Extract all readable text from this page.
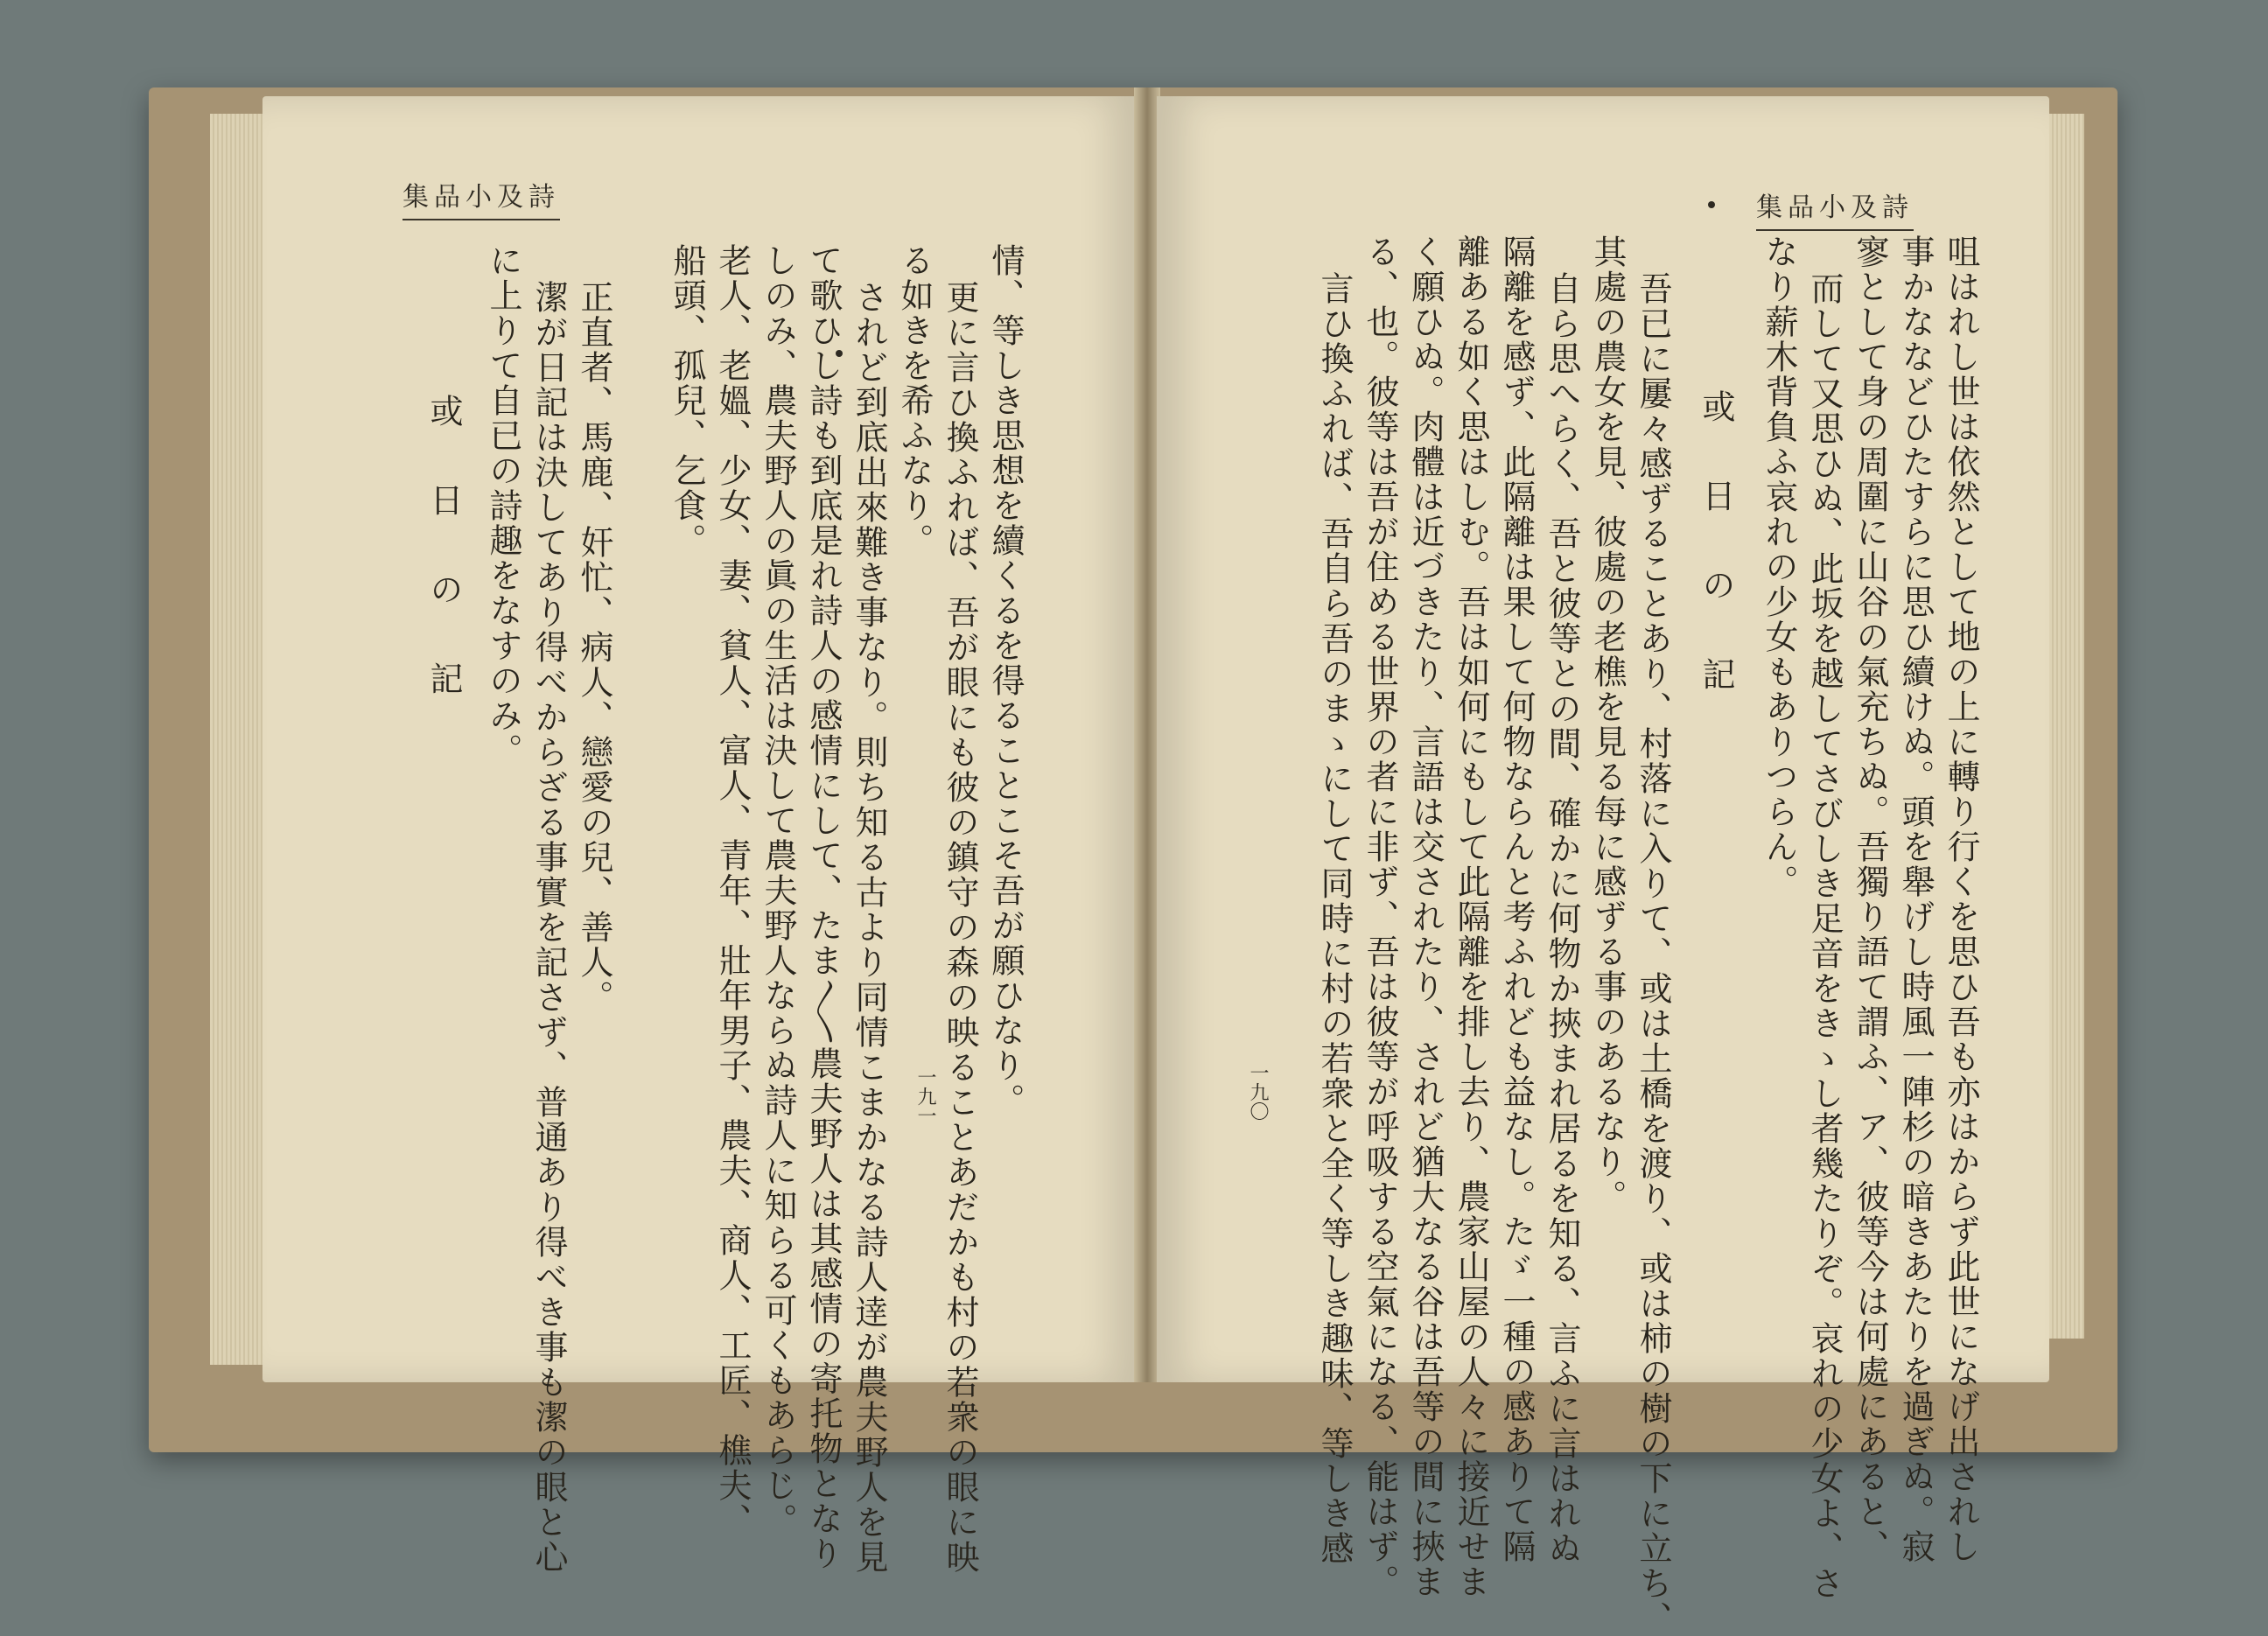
集品小及詩
情、等しき思想を續くるを得ることこそ吾が願ひなり。
更に言ひ換ふれば、吾が眼にも彼の鎮守の森の映ることあだかも村の若衆の眼に映
る如きを希ふなり。
されど到底出來難き事なり。則ち知る古より同情こまかなる詩人逹が農夫野人を見
て歌ひし詩も到底是れ詩人の感情にして、たま〳〵農夫野人は其感情の寄托物となり
しのみ、農夫野人の眞の生活は決して農夫野人ならぬ詩人に知らる可くもあらじ。
老人、老媼、少女、妻、貧人、富人、青年、壯年男子、農夫、商人、工匠、樵夫、
船頭、孤兒、乞食。
正直者、馬鹿、奸忙、病人、戀愛の兒、善人。
潔が日記は決してあり得べからざる事實を記さず、普通あり得べき事も潔の眼と心
に上りて自已の詩趣をなすのみ。
或 日 の 記
一九一
集品小及詩
咀はれし世は依然として地の上に轉り行くを思ひ吾も亦はからず此世になげ出されし
事かななどひたすらに思ひ續けぬ。頭を舉げし時風一陣杉の暗きあたりを過ぎぬ。寂
寥として身の周圍に山谷の氣充ちぬ。吾獨り語て謂ふ、ア、彼等今は何處にあると、
而して又思ひぬ、此坂を越してさびしき足音をきゝし者幾たりぞ。哀れの少女よ、さ
なり薪木背負ふ哀れの少女もありつらん。
或 日 の 記
吾已に屢々感ずることあり、村落に入りて、或は土橋を渡り、或は柿の樹の下に立ち、
其處の農女を見、彼處の老樵を見る每に感ずる事のあるなり。
自ら思へらく、吾と彼等との間、確かに何物か挾まれ居るを知る、言ふに言はれぬ
隔離を感ず、此隔離は果して何物ならんと考ふれども益なし。たゞ一種の感ありて隔
離ある如く思はしむ。吾は如何にもして此隔離を排し去り、農家山屋の人々に接近せま
く願ひぬ。肉體は近づきたり、言語は交されたり、されど猶大なる谷は吾等の間に挾ま
る、也。彼等は吾が住める世界の者に非ず、吾は彼等が呼吸する空氣になる、能はず。
言ひ換ふれば、吾自ら吾のまゝにして同時に村の若衆と全く等しき趣味、等しき感
一九〇
